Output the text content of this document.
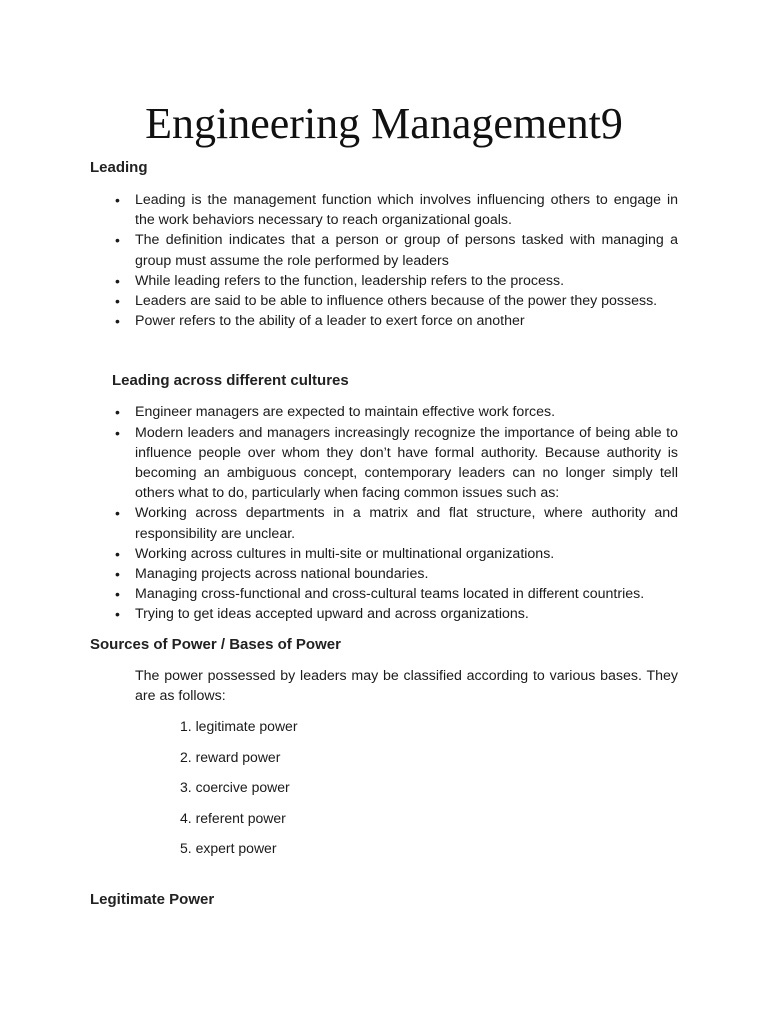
Engineering Management9
Leading
• Leading is the management function which involves influencing others to engage in the work behaviors necessary to reach organizational goals.
• The definition indicates that a person or group of persons tasked with managing a group must assume the role performed by leaders
• While leading refers to the function, leadership refers to the process.
• Leaders are said to be able to influence others because of the power they possess.
• Power refers to the ability of a leader to exert force on another
Leading across different cultures
• Engineer managers are expected to maintain effective work forces.
• Modern leaders and managers increasingly recognize the importance of being able to influence people over whom they don’t have formal authority. Because authority is becoming an ambiguous concept, contemporary leaders can no longer simply tell others what to do, particularly when facing common issues such as:
• Working across departments in a matrix and flat structure, where authority and responsibility are unclear.
• Working across cultures in multi-site or multinational organizations.
• Managing projects across national boundaries.
• Managing cross-functional and cross-cultural teams located in different countries.
• Trying to get ideas accepted upward and across organizations.
Sources of Power / Bases of Power

The power possessed by leaders may be classified according to various bases. They are as follows:

1. legitimate power
2. reward power
3. coercive power
4. referent power
5. expert power
Legitimate Power
